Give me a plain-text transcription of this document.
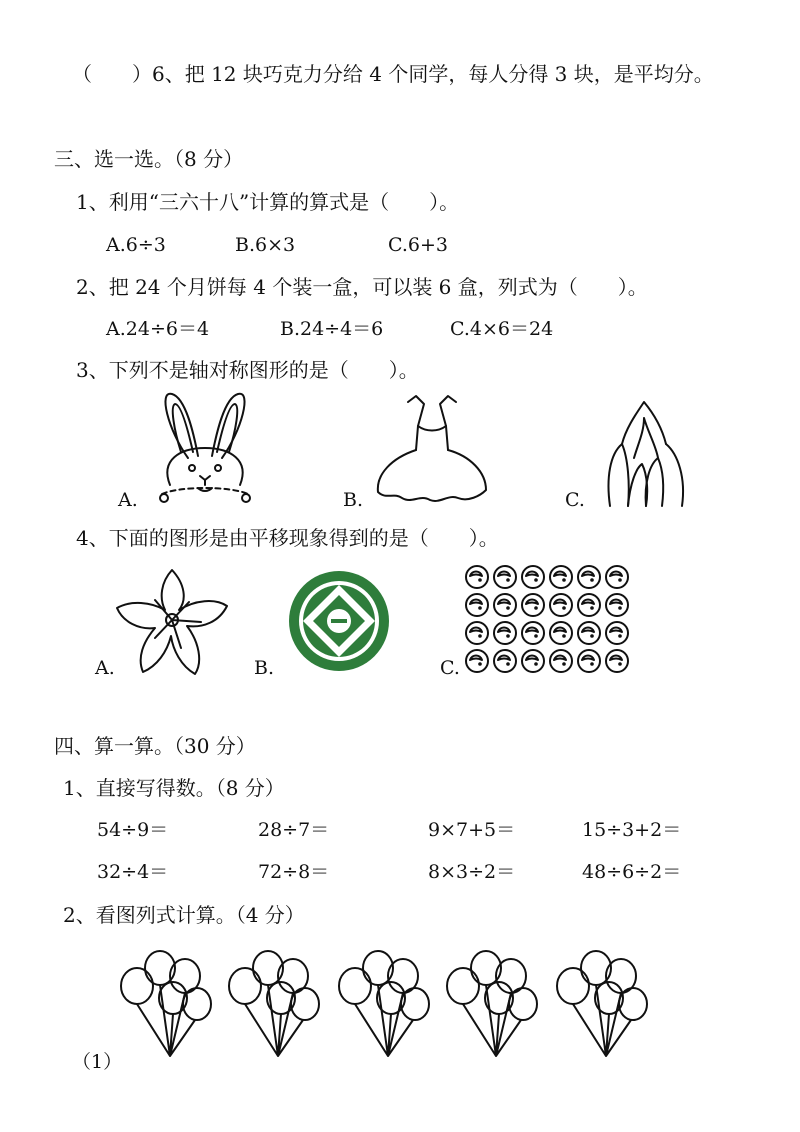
（　　）6、把 12 块巧克力分给 4 个同学，每人分得 3 块，是平均分。
三、选一选。（8 分）
1、利用“三六十八”计算的算式是（　　）。
A.6÷3	B.6×3	C.6+3
2、把 24 个月饼每 4 个装一盒，可以装 6 盒，列式为（　　）。
A.24÷6＝4	B.24÷4＝6	C.4×6＝24
3、下列不是轴对称图形的是（　　）。
A.	B.	C.
4、下面的图形是由平移现象得到的是（　　）。
A.	B.	C.
四、算一算。（30 分）
1、直接写得数。（8 分）
54÷9＝	28÷7＝	9×7+5＝	15÷3+2＝
32÷4＝	72÷8＝	8×3÷2＝	48÷6÷2＝
2、看图列式计算。（4 分）
（1）
